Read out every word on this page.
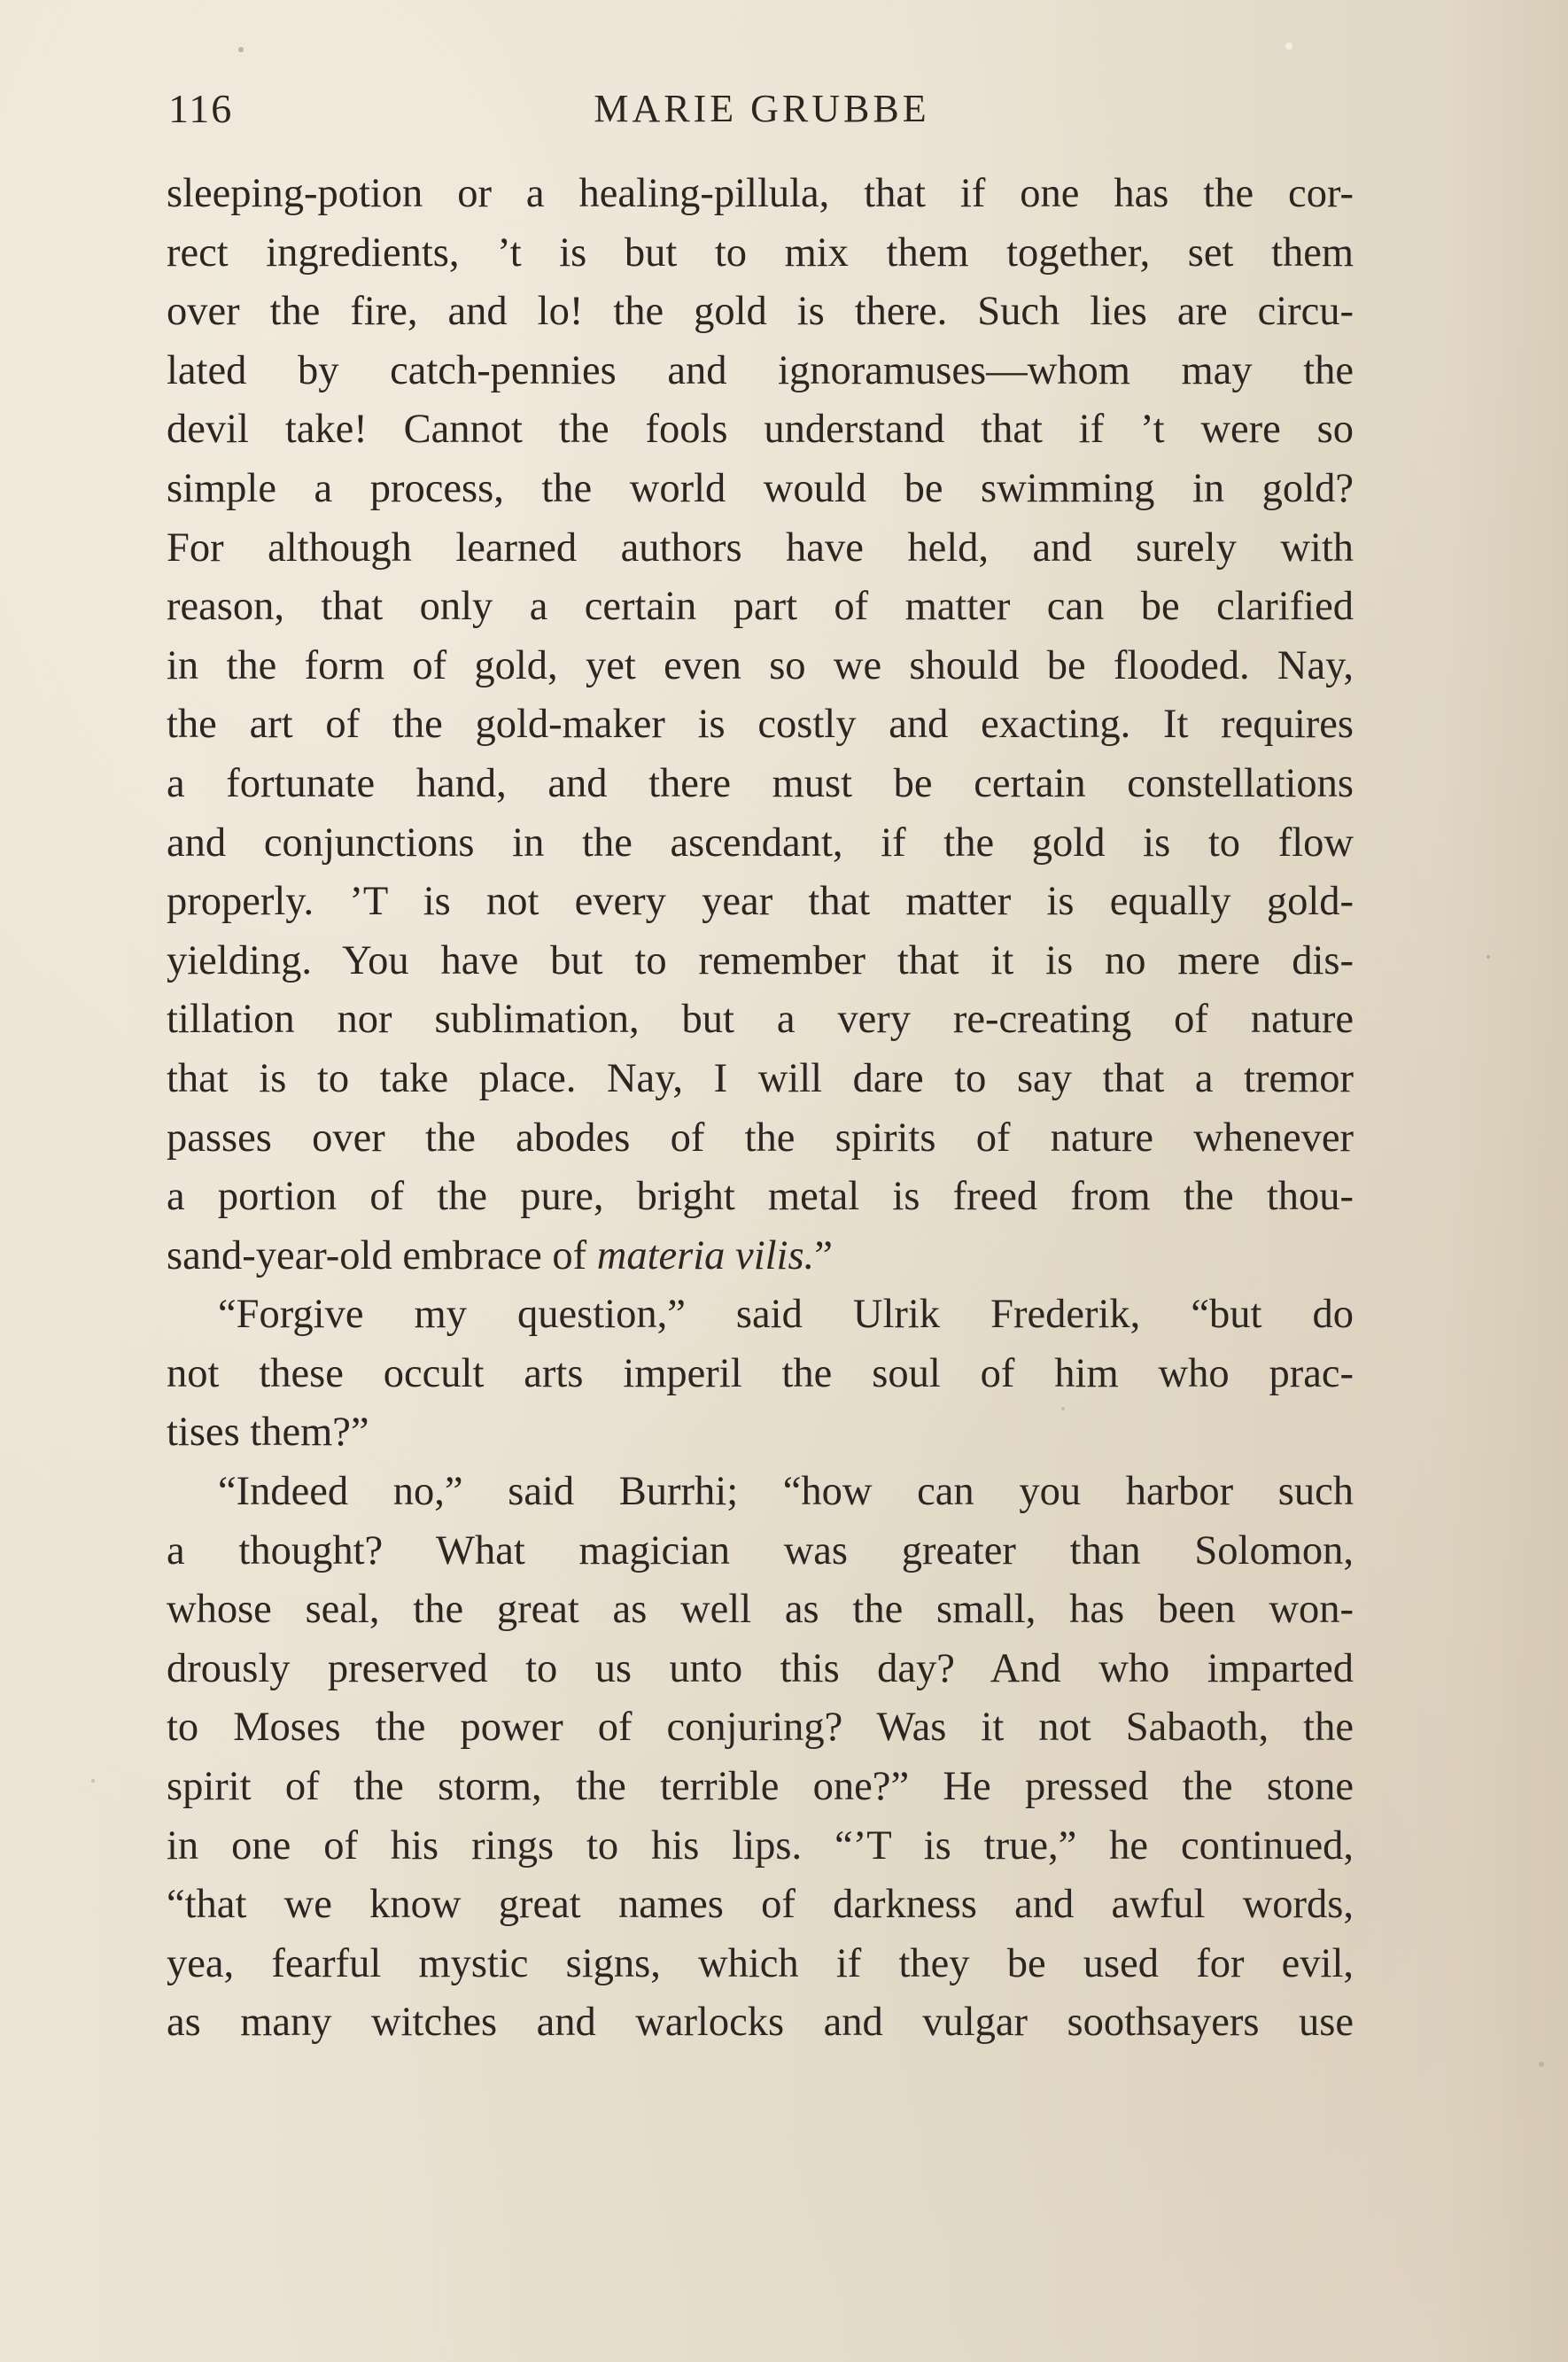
116	MARIE GRUBBE
sleeping-potion or a healing-pillula, that if one has the cor-
rect ingredients, ’t is but to mix them together, set them
over the fire, and lo! the gold is there. Such lies are circu-
lated by catch-pennies and ignoramuses—whom may the
devil take! Cannot the fools understand that if ’t were so
simple a process, the world would be swimming in gold?
For although learned authors have held, and surely with
reason, that only a certain part of matter can be clarified
in the form of gold, yet even so we should be flooded. Nay,
the art of the gold-maker is costly and exacting. It requires
a fortunate hand, and there must be certain constellations
and conjunctions in the ascendant, if the gold is to flow
properly. ’T is not every year that matter is equally gold-
yielding. You have but to remember that it is no mere dis-
tillation nor sublimation, but a very re-creating of nature
that is to take place. Nay, I will dare to say that a tremor
passes over the abodes of the spirits of nature whenever
a portion of the pure, bright metal is freed from the thou-
sand-year-old embrace of materia vilis.”
“Forgive my question,” said Ulrik Frederik, “but do
not these occult arts imperil the soul of him who prac-
tises them?”
“Indeed no,” said Burrhi; “how can you harbor such
a thought? What magician was greater than Solomon,
whose seal, the great as well as the small, has been won-
drously preserved to us unto this day? And who imparted
to Moses the power of conjuring? Was it not Sabaoth, the
spirit of the storm, the terrible one?” He pressed the stone
in one of his rings to his lips. “’T is true,” he continued,
“that we know great names of darkness and awful words,
yea, fearful mystic signs, which if they be used for evil,
as many witches and warlocks and vulgar soothsayers use
